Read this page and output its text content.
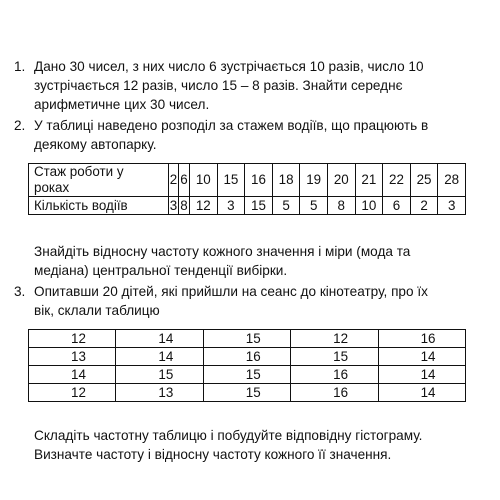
1. Дано 30 чисел, з них число 6 зустрічається 10 разів, число 10
зустрічається 12 разів, число 15 – 8 разів. Знайти середнє
арифметичне цих 30 чисел.
2. У таблиці наведено розподіл за стажем водіїв, що працюють в
деякому автопарку.
Стаж роботи у
роках	2	6	10	15	16	18	19	20	21	22	25	28
Кількість водіїв	3	8	12	3	15	5	5	8	10	6	2	3
Знайдіть відносну частоту кожного значення і міри (мода та
медіана) центральної тенденції вибірки.
3. Опитавши 20 дітей, які прийшли на сеанс до кінотеатру, про їх
вік, склали таблицю
12	14	15	12	16
13	14	16	15	14
14	15	15	16	14
12	13	15	16	14
Складіть частотну таблицю і побудуйте відповідну гістограму.
Визначте частоту і відносну частоту кожного її значення.
